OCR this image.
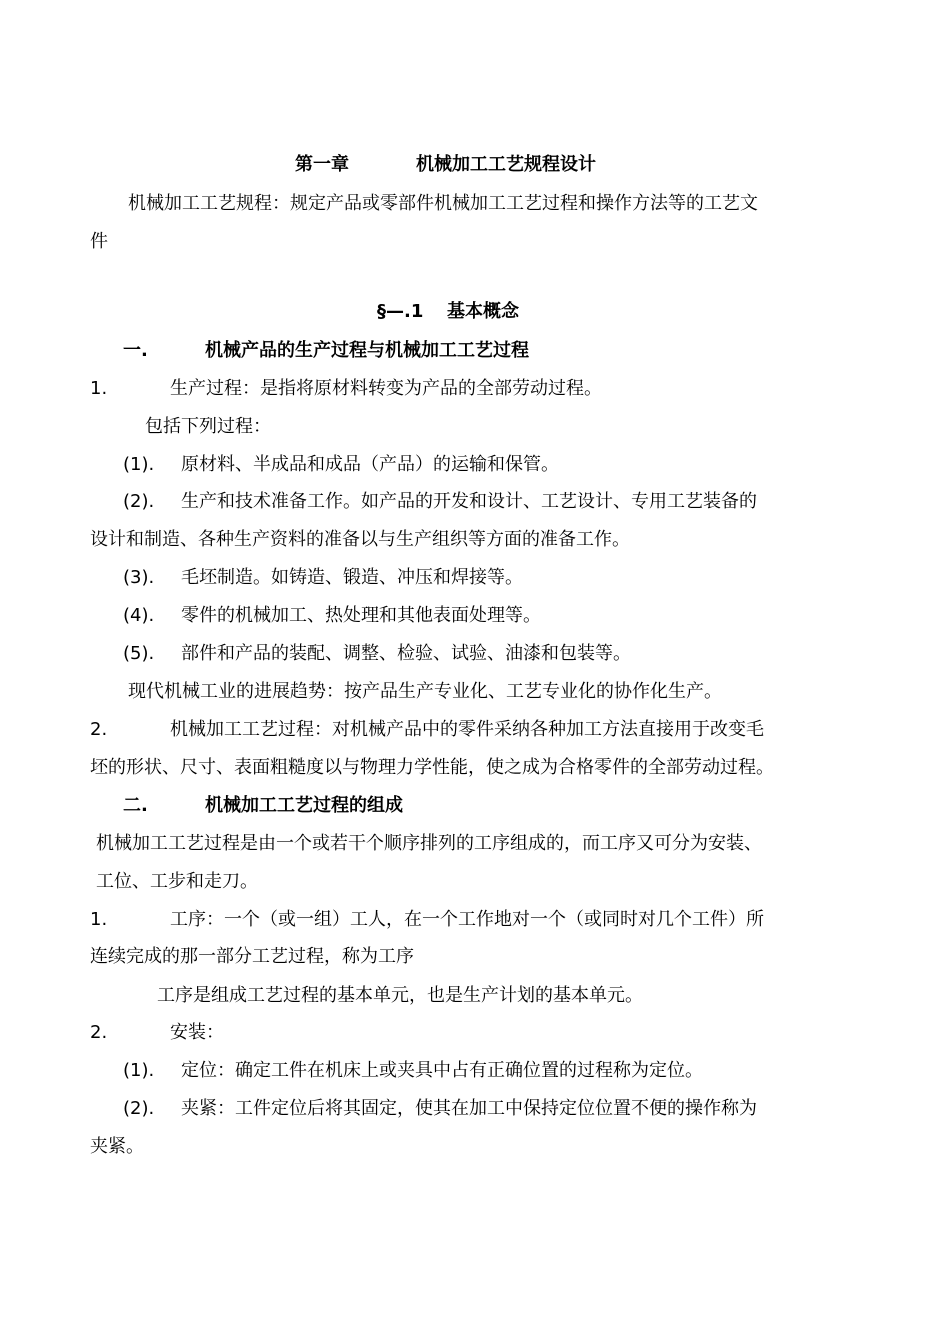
第一章	机械加工工艺规程设计
机械加工工艺规程：规定产品或零部件机械加工工艺过程和操作方法等的工艺文
件
§—.1 基本概念
一.	机械产品的生产过程与机械加工工艺过程
1.	生产过程：是指将原材料转变为产品的全部劳动过程。
包括下列过程：
(1). 原材料、半成品和成品（产品）的运输和保管。
(2). 生产和技术准备工作。如产品的开发和设计、工艺设计、专用工艺装备的
设计和制造、各种生产资料的准备以与生产组织等方面的准备工作。
(3). 毛坯制造。如铸造、锻造、冲压和焊接等。
(4). 零件的机械加工、热处理和其他表面处理等。
(5). 部件和产品的装配、调整、检验、试验、油漆和包装等。
现代机械工业的进展趋势：按产品生产专业化、工艺专业化的协作化生产。
2.	机械加工工艺过程：对机械产品中的零件采纳各种加工方法直接用于改变毛
坯的形状、尺寸、表面粗糙度以与物理力学性能，使之成为合格零件的全部劳动过程。
二.	机械加工工艺过程的组成
机械加工工艺过程是由一个或若干个顺序排列的工序组成的，而工序又可分为安装、
工位、工步和走刀。
1.	工序：一个（或一组）工人，在一个工作地对一个（或同时对几个工件）所
连续完成的那一部分工艺过程，称为工序
工序是组成工艺过程的基本单元，也是生产计划的基本单元。
2.	安装：
(1). 定位：确定工件在机床上或夹具中占有正确位置的过程称为定位。
(2). 夹紧：工件定位后将其固定，使其在加工中保持定位位置不便的操作称为
夹紧。
